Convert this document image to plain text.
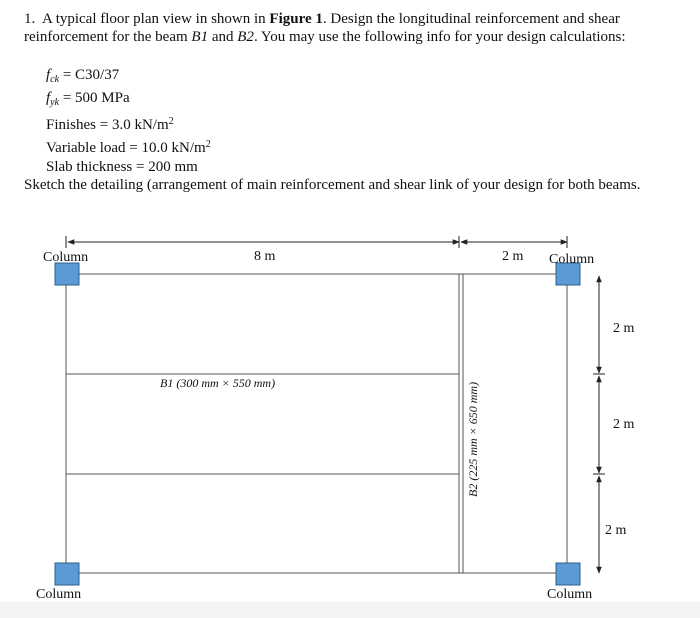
1. A typical floor plan view in shown in Figure 1. Design the longitudinal reinforcement and shear reinforcement for the beam B1 and B2. You may use the following info for your design calculations:

$f_{ck} = C30/37$
$f_{yk} = 500$ MPa
Finishes = 3.0 $kN/m^2$
Variable load = 10.0 $kN/m^2$
Slab thickness = 200 mm

Sketch the detailing (arrangement of main reinforcement and shear link of your design for both beams.

Column	Column
Column	Column
8 m	2 m
2 m
2 m
2 m
B1 (300 mm × 550 mm)	B2 (225 mm × 650 mm)
